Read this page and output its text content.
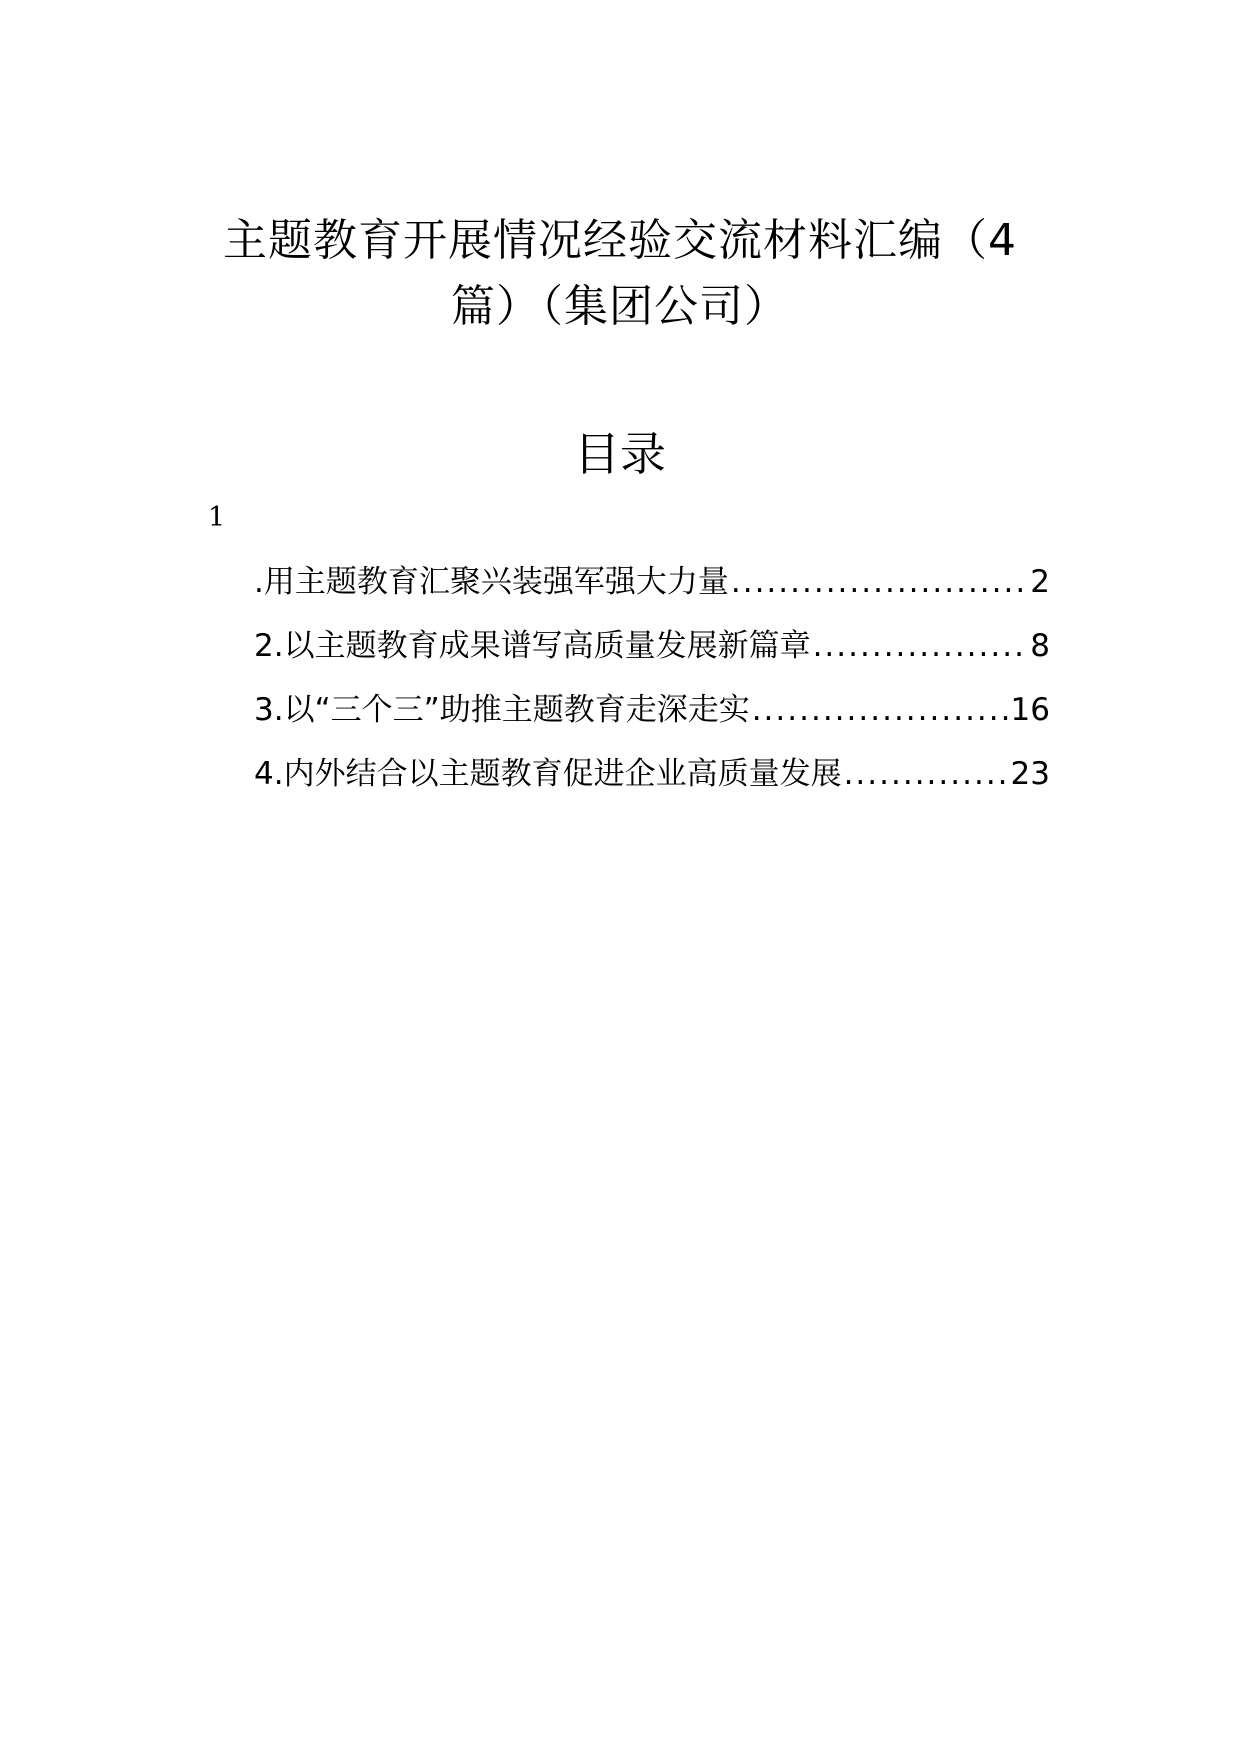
主题教育开展情况经验交流材料汇编（4
篇）（集团公司）
目录
1
.用主题教育汇聚兴装强军强大力量 .....	2
2.以主题教育成果谱写高质量发展新篇章 .....	8
3.以“三个三”助推主题教育走深走实 .....	16
4.内外结合以主题教育促进企业高质量发展 .....	23
